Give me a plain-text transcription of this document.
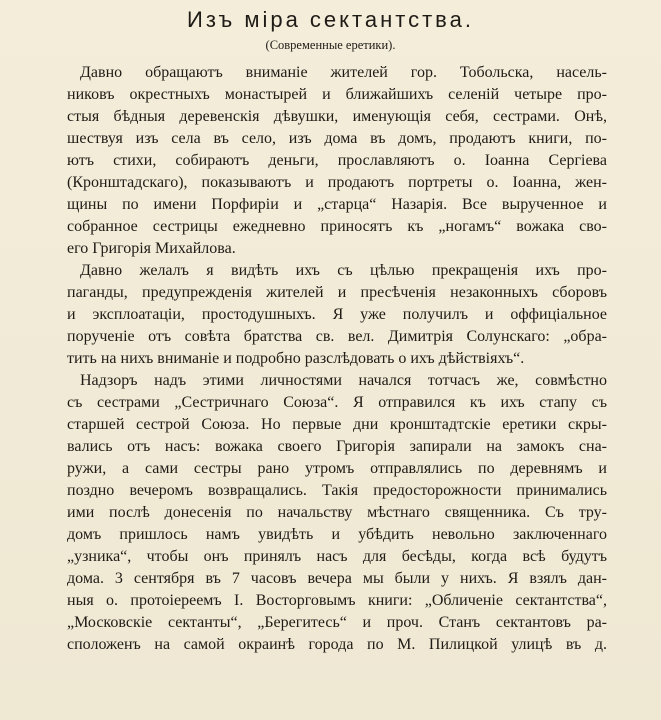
Изъ міра сектантства.

(Современные еретики).

Давно обращаютъ вниманіе жителей гор. Тобольска, насель-
никовъ окрестныхъ монастырей и ближайшихъ селеній четыре про-
стыя бѣдныя деревенскія дѣвушки, именующія себя, сестрами. Онѣ,
шествуя изъ села въ село, изъ дома въ домъ, продаютъ книги, по-
ютъ стихи, собираютъ деньги, прославляютъ о. Іоанна Сергіева
(Кронштадскаго), показываютъ и продаютъ портреты о. Іоанна, жен-
щины по имени Порфиріи и „старца“ Назарія. Все вырученное и
собранное сестрицы ежедневно приносятъ къ „ногамъ“ вожака сво-
его Григорія Михайлова.
Давно желалъ я видѣть ихъ съ цѣлью прекращенія ихъ про-
паганды, предупрежденія жителей и пресѣченія незаконныхъ сборовъ
и эксплоатаціи, простодушныхъ. Я уже получилъ и оффиціальное
порученіе отъ совѣта братства св. вел. Димитрія Солунскаго: „обра-
тить на нихъ вниманіе и подробно разслѣдовать о ихъ дѣйствіяхъ“.
Надзоръ надъ этими личностями начался тотчасъ же, совмѣстно
съ сестрами „Сестричнаго Союза“. Я отправился къ ихъ стапу съ
старшей сестрой Союза. Но первые дни кронштадтскіе еретики скры-
вались отъ насъ: вожака своего Григорія запирали на замокъ сна-
ружи, а сами сестры рано утромъ отправлялись по деревнямъ и
поздно вечеромъ возвращались. Такія предосторожности принимались
ими послѣ донесенія по начальству мѣстнаго священника. Съ тру-
домъ пришлось намъ увидѣть и убѣдить невольно заключеннаго
„узника“, чтобы онъ принялъ насъ для бесѣды, когда всѣ будутъ
дома. 3 сентября въ 7 часовъ вечера мы были у нихъ. Я взялъ дан-
ныя о. протоіереемъ І. Восторговымъ книги: „Обличеніе сектантства“,
„Московскіе сектанты“, „Берегитесь“ и проч. Станъ сектантовъ ра-
сположенъ на самой окраинѣ города по М. Пилицкой улицѣ въ д.
